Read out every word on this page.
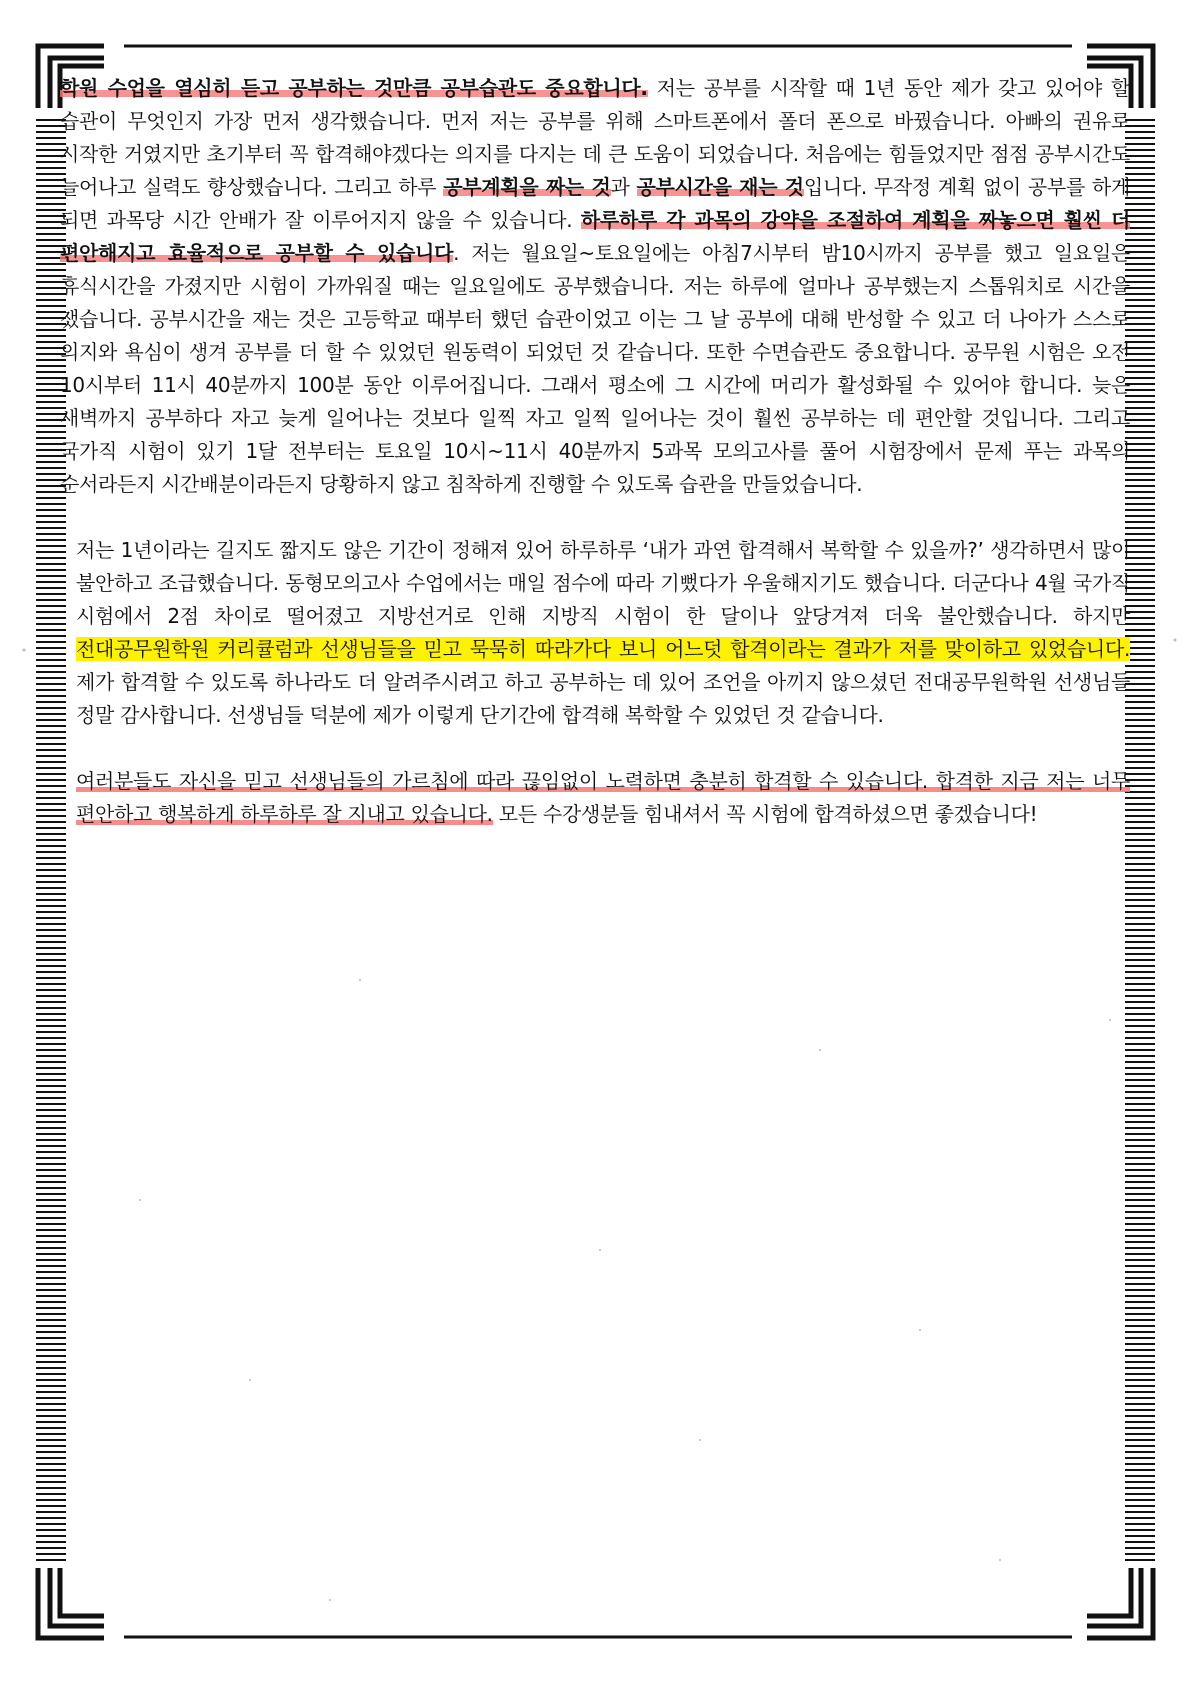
학원 수업을 열심히 듣고 공부하는 것만큼 공부습관도 중요합니다. 저는 공부를 시작할 때 1년 동안 제가 갖고 있어야 할 습관이 무엇인지 가장 먼저 생각했습니다. 먼저 저는 공부를 위해 스마트폰에서 폴더 폰으로 바꿨습니다. 아빠의 권유로 시작한 거였지만 초기부터 꼭 합격해야겠다는 의지를 다지는 데 큰 도움이 되었습니다. 처음에는 힘들었지만 점점 공부시간도 늘어나고 실력도 향상했습니다. 그리고 하루 공부계획을 짜는 것과 공부시간을 재는 것입니다. 무작정 계획 없이 공부를 하게 되면 과목당 시간 안배가 잘 이루어지지 않을 수 있습니다. 하루하루 각 과목의 강약을 조절하여 계획을 짜놓으면 훨씬 더 편안해지고 효율적으로 공부할 수 있습니다. 저는 월요일~토요일에는 아침7시부터 밤10시까지 공부를 했고 일요일은 휴식시간을 가졌지만 시험이 가까워질 때는 일요일에도 공부했습니다. 저는 하루에 얼마나 공부했는지 스톱워치로 시간을 쟀습니다. 공부시간을 재는 것은 고등학교 때부터 했던 습관이었고 이는 그 날 공부에 대해 반성할 수 있고 더 나아가 스스로 의지와 욕심이 생겨 공부를 더 할 수 있었던 원동력이 되었던 것 같습니다. 또한 수면습관도 중요합니다. 공무원 시험은 오전 10시부터 11시 40분까지 100분 동안 이루어집니다. 그래서 평소에 그 시간에 머리가 활성화될 수 있어야 합니다. 늦은 새벽까지 공부하다 자고 늦게 일어나는 것보다 일찍 자고 일찍 일어나는 것이 훨씬 공부하는 데 편안할 것입니다. 그리고 국가직 시험이 있기 1달 전부터는 토요일 10시~11시 40분까지 5과목 모의고사를 풀어 시험장에서 문제 푸는 과목의 순서라든지 시간배분이라든지 당황하지 않고 침착하게 진행할 수 있도록 습관을 만들었습니다.

저는 1년이라는 길지도 짧지도 않은 기간이 정해져 있어 하루하루 ‘내가 과연 합격해서 복학할 수 있을까?’ 생각하면서 많이 불안하고 조급했습니다. 동형모의고사 수업에서는 매일 점수에 따라 기뻤다가 우울해지기도 했습니다. 더군다나 4월 국가직 시험에서 2점 차이로 떨어졌고 지방선거로 인해 지방직 시험이 한 달이나 앞당겨져 더욱 불안했습니다. 하지만 전대공무원학원 커리큘럼과 선생님들을 믿고 묵묵히 따라가다 보니 어느덧 합격이라는 결과가 저를 맞이하고 있었습니다. 제가 합격할 수 있도록 하나라도 더 알려주시려고 하고 공부하는 데 있어 조언을 아끼지 않으셨던 전대공무원학원 선생님들 정말 감사합니다. 선생님들 덕분에 제가 이렇게 단기간에 합격해 복학할 수 있었던 것 같습니다.

여러분들도 자신을 믿고 선생님들의 가르침에 따라 끊임없이 노력하면 충분히 합격할 수 있습니다. 합격한 지금 저는 너무 편안하고 행복하게 하루하루 잘 지내고 있습니다. 모든 수강생분들 힘내셔서 꼭 시험에 합격하셨으면 좋겠습니다!
